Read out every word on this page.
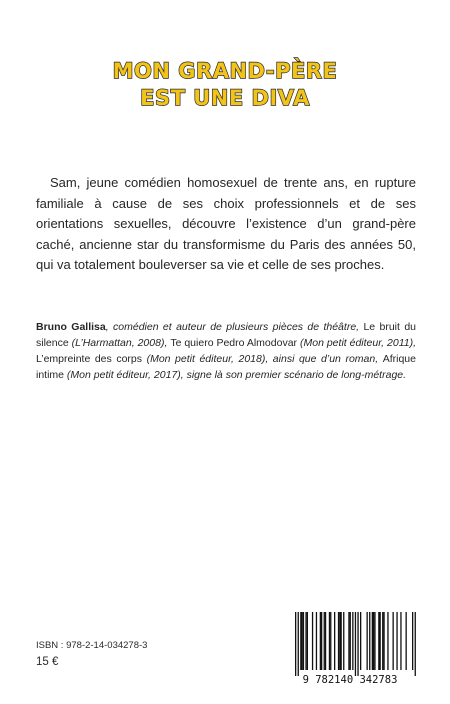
MON GRAND-PÈRE
EST UNE DIVA
Sam, jeune comédien homosexuel de trente ans, en rupture familiale à cause de ses choix professionnels et de ses orientations sexuelles, découvre l’existence d’un grand-père caché, ancienne star du transformisme du Paris des années 50, qui va totalement bouleverser sa vie et celle de ses proches.
Bruno Gallisa, comédien et auteur de plusieurs pièces de théâtre, Le bruit du silence (L’Harmattan, 2008), Te quiero Pedro Almodovar (Mon petit éditeur, 2011), L’empreinte des corps (Mon petit éditeur, 2018), ainsi que d’un roman, Afrique intime (Mon petit éditeur, 2017), signe là son premier scénario de long-métrage.
ISBN : 978-2-14-034278-3
15 €
9 782140 342783
